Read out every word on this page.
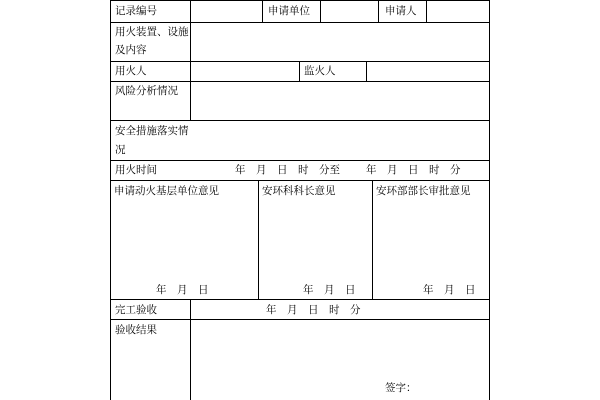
记录编号	申请单位	申请人
用火装置、设施
及内容
用火人	监火人
风险分析情况
安全措施落实情
况
用火时间	年　月　日　时　分至 年　月　日　时　分
申请动火基层单位意见	安环科科长意见	安环部部长审批意见
年　月　日	年　月　日	年　月　日
完工验收	年　月　日　时　分
验收结果
签字：
